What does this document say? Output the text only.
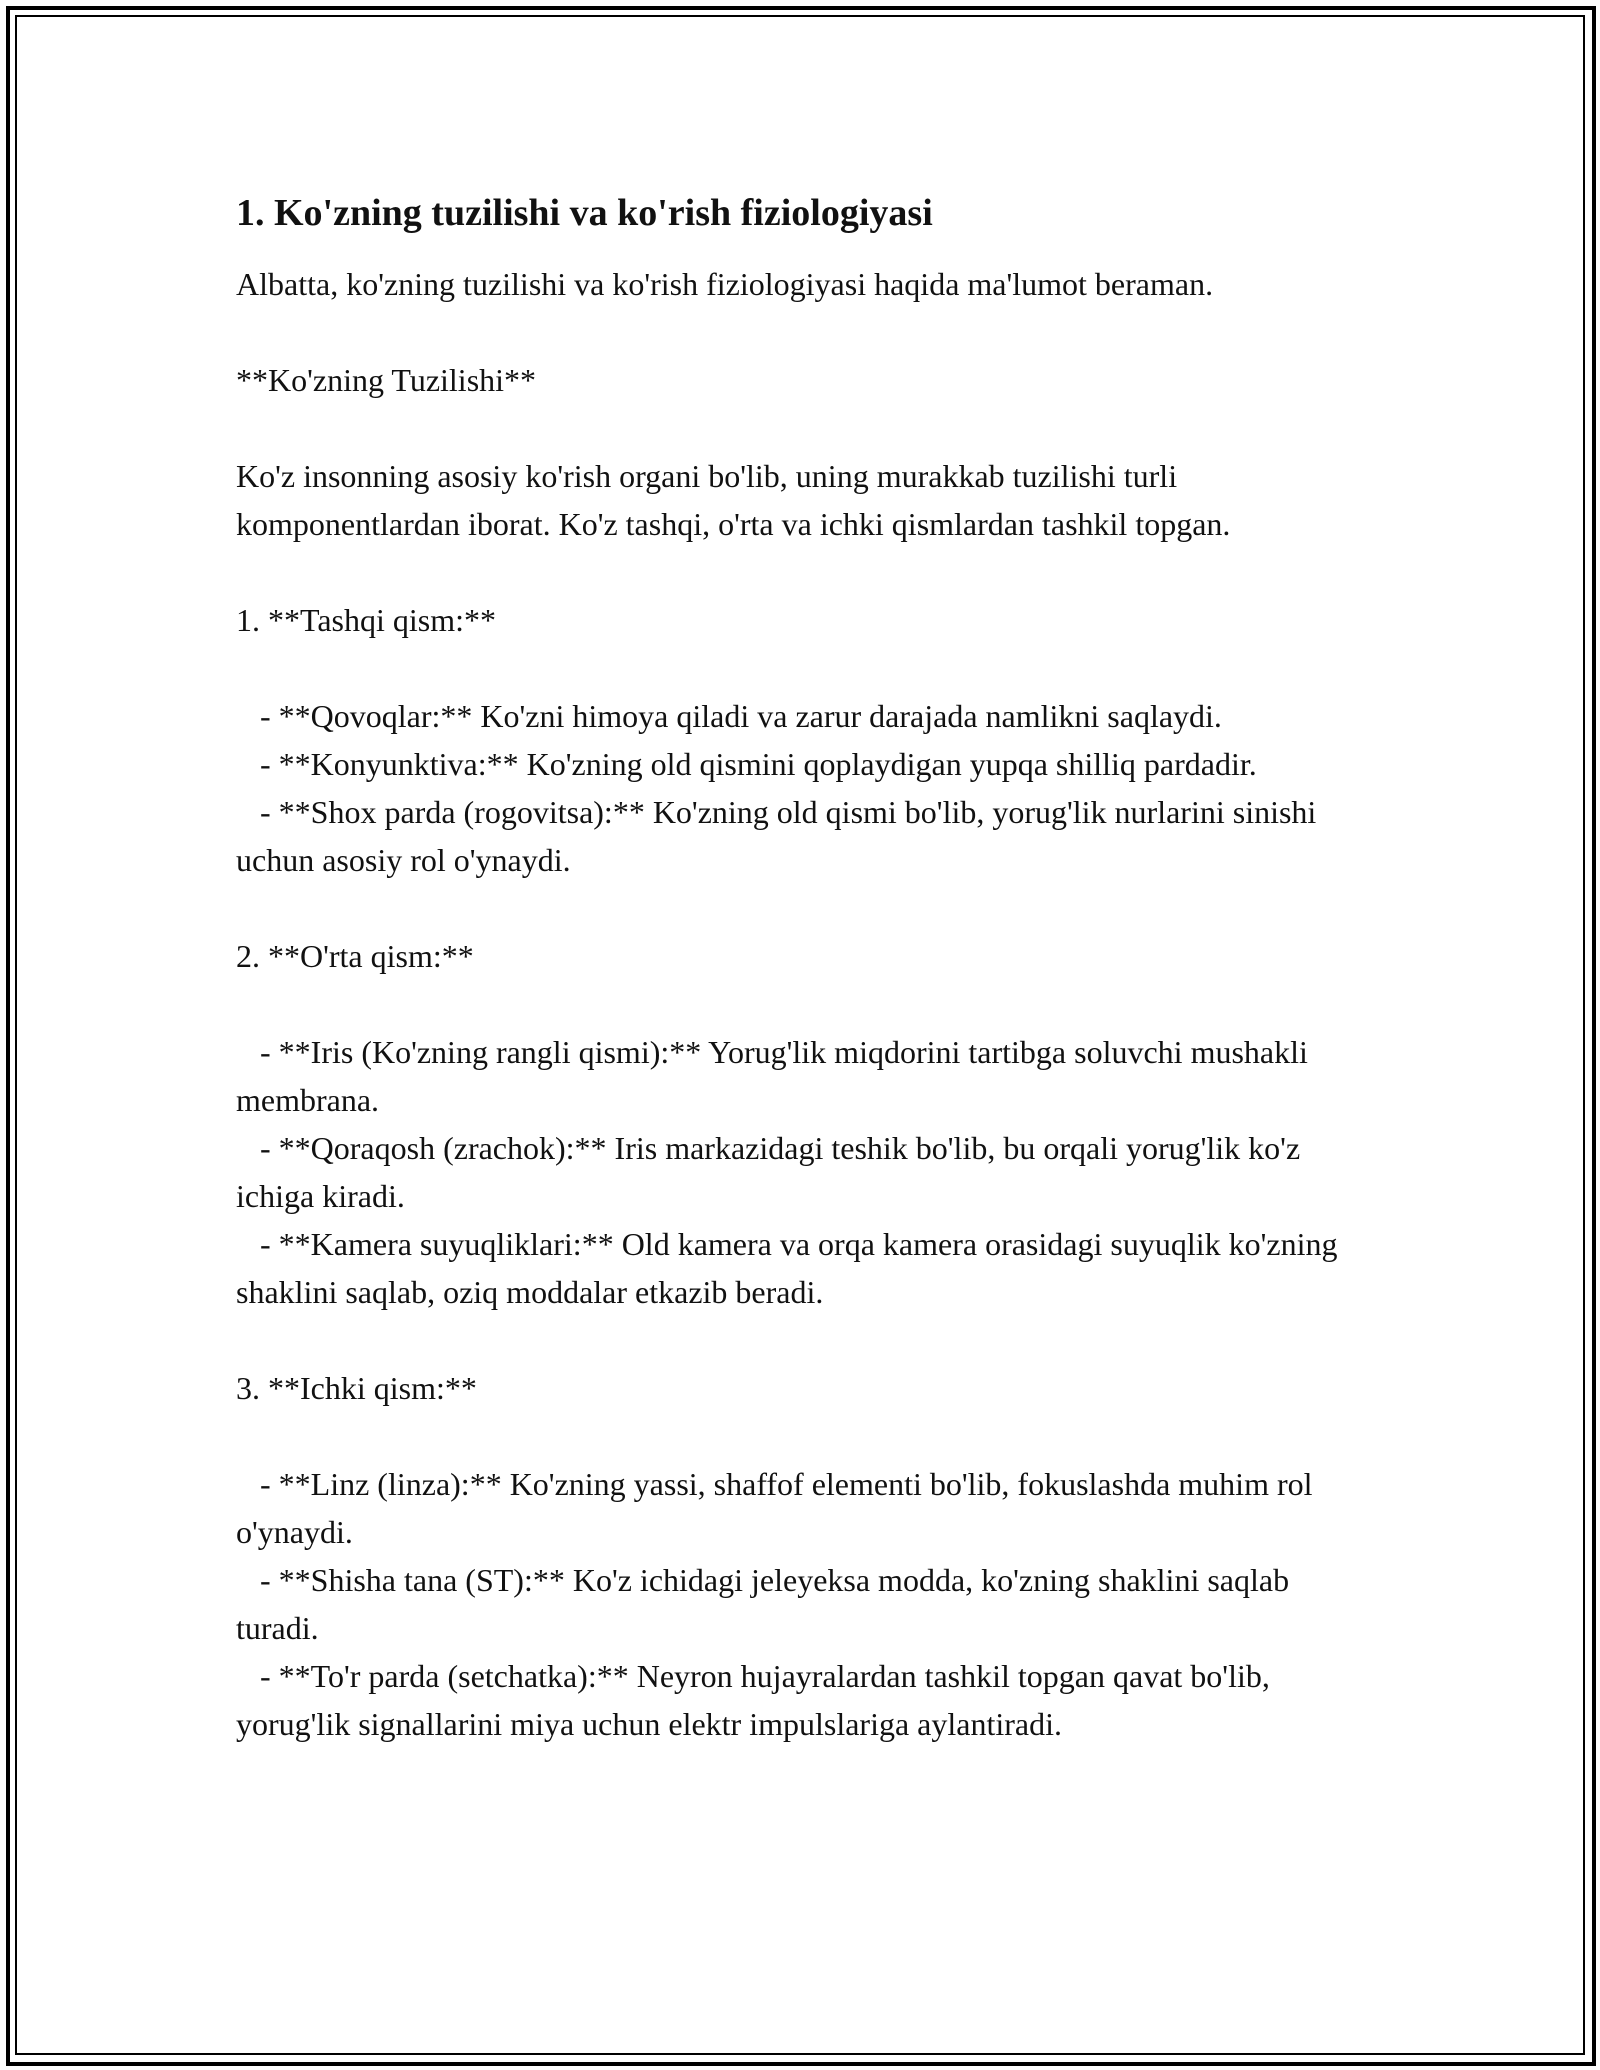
1. Ko'zning tuzilishi va ko'rish fiziologiyasi

Albatta, ko'zning tuzilishi va ko'rish fiziologiyasi haqida ma'lumot beraman.

**Ko'zning Tuzilishi**

Ko'z insonning asosiy ko'rish organi bo'lib, uning murakkab tuzilishi turli komponentlardan iborat. Ko'z tashqi, o'rta va ichki qismlardan tashkil topgan.

1. **Tashqi qism:**

- **Qovoqlar:** Ko'zni himoya qiladi va zarur darajada namlikni saqlaydi.

- **Konyunktiva:** Ko'zning old qismini qoplaydigan yupqa shilliq pardadir.

- **Shox parda (rogovitsa):** Ko'zning old qismi bo'lib, yorug'lik nurlarini sinishi uchun asosiy rol o'ynaydi.

2. **O'rta qism:**

- **Iris (Ko'zning rangli qismi):** Yorug'lik miqdorini tartibga soluvchi mushakli membrana.

- **Qoraqosh (zrachok):** Iris markazidagi teshik bo'lib, bu orqali yorug'lik ko'z ichiga kiradi.

- **Kamera suyuqliklari:** Old kamera va orqa kamera orasidagi suyuqlik ko'zning shaklini saqlab, oziq moddalar etkazib beradi.

3. **Ichki qism:**

- **Linz (linza):** Ko'zning yassi, shaffof elementi bo'lib, fokuslashda muhim rol o'ynaydi.

- **Shisha tana (ST):** Ko'z ichidagi jeleyeksa modda, ko'zning shaklini saqlab turadi.

- **To'r parda (setchatka):** Neyron hujayralardan tashkil topgan qavat bo'lib, yorug'lik signallarini miya uchun elektr impulslariga aylantiradi.
